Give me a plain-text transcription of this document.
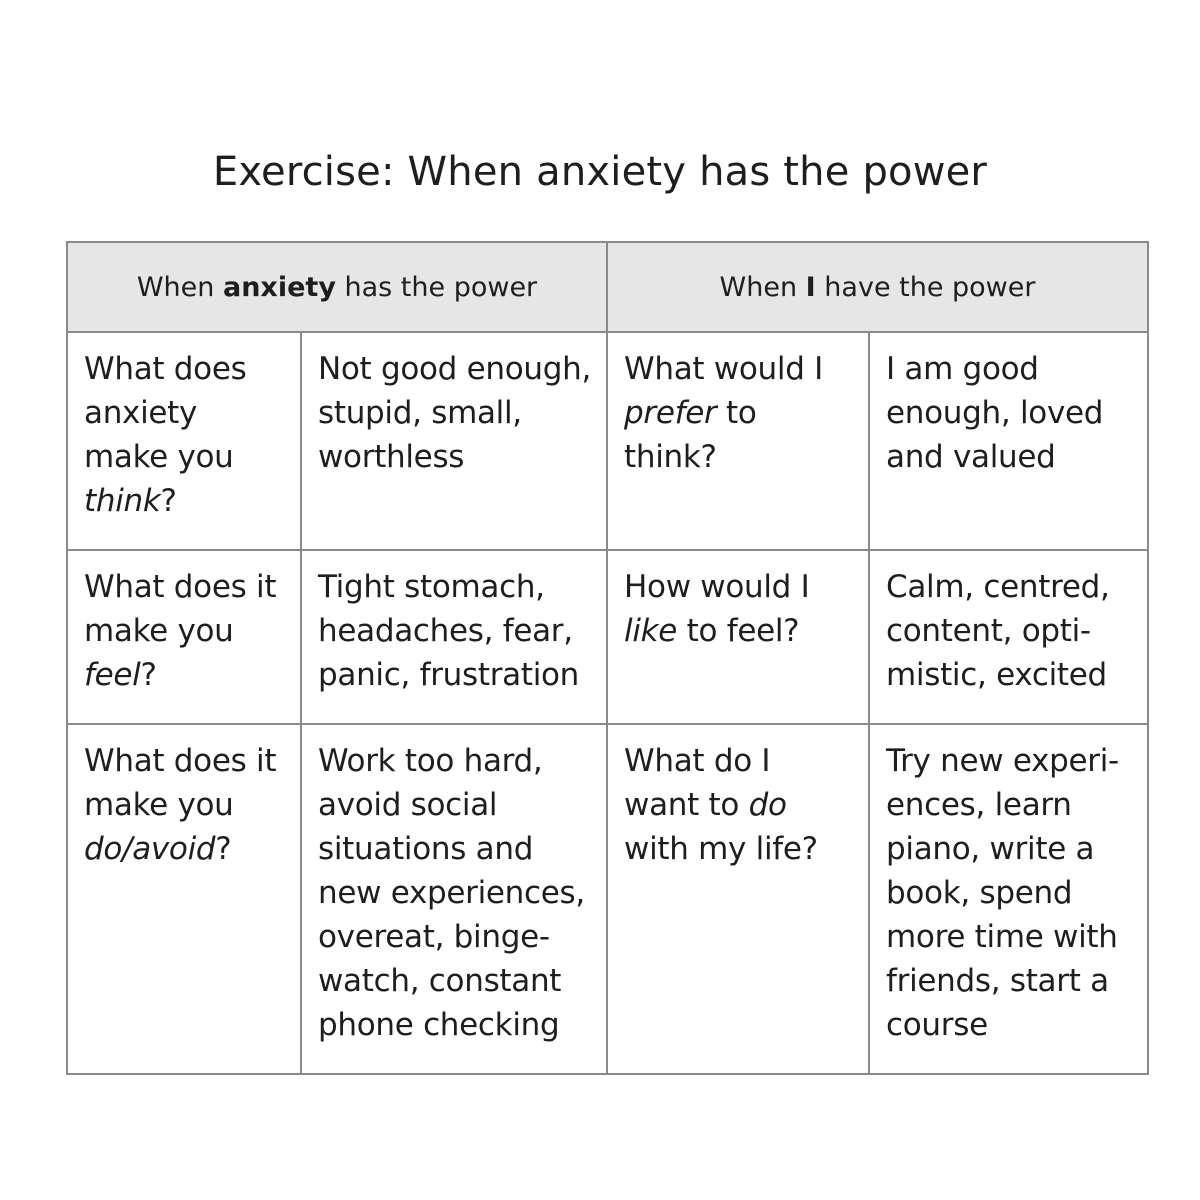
Exercise: When anxiety has the power
When anxiety has the power		When I have the power	
What does anxiety make you think?	Not good enough, stupid, small, worthless	What would I prefer to think?	I am good enough, loved and valued
What does it make you feel?	Tight stomach, headaches, fear, panic, frustration	How would I like to feel?	Calm, centred, content, opti-mistic, excited
What does it make you do/avoid?	Work too hard, avoid social situations and new experiences, overeat, binge-watch, constant phone checking	What do I want to do with my life?	Try new experi-ences, learn piano, write a book, spend more time with friends, start a course
